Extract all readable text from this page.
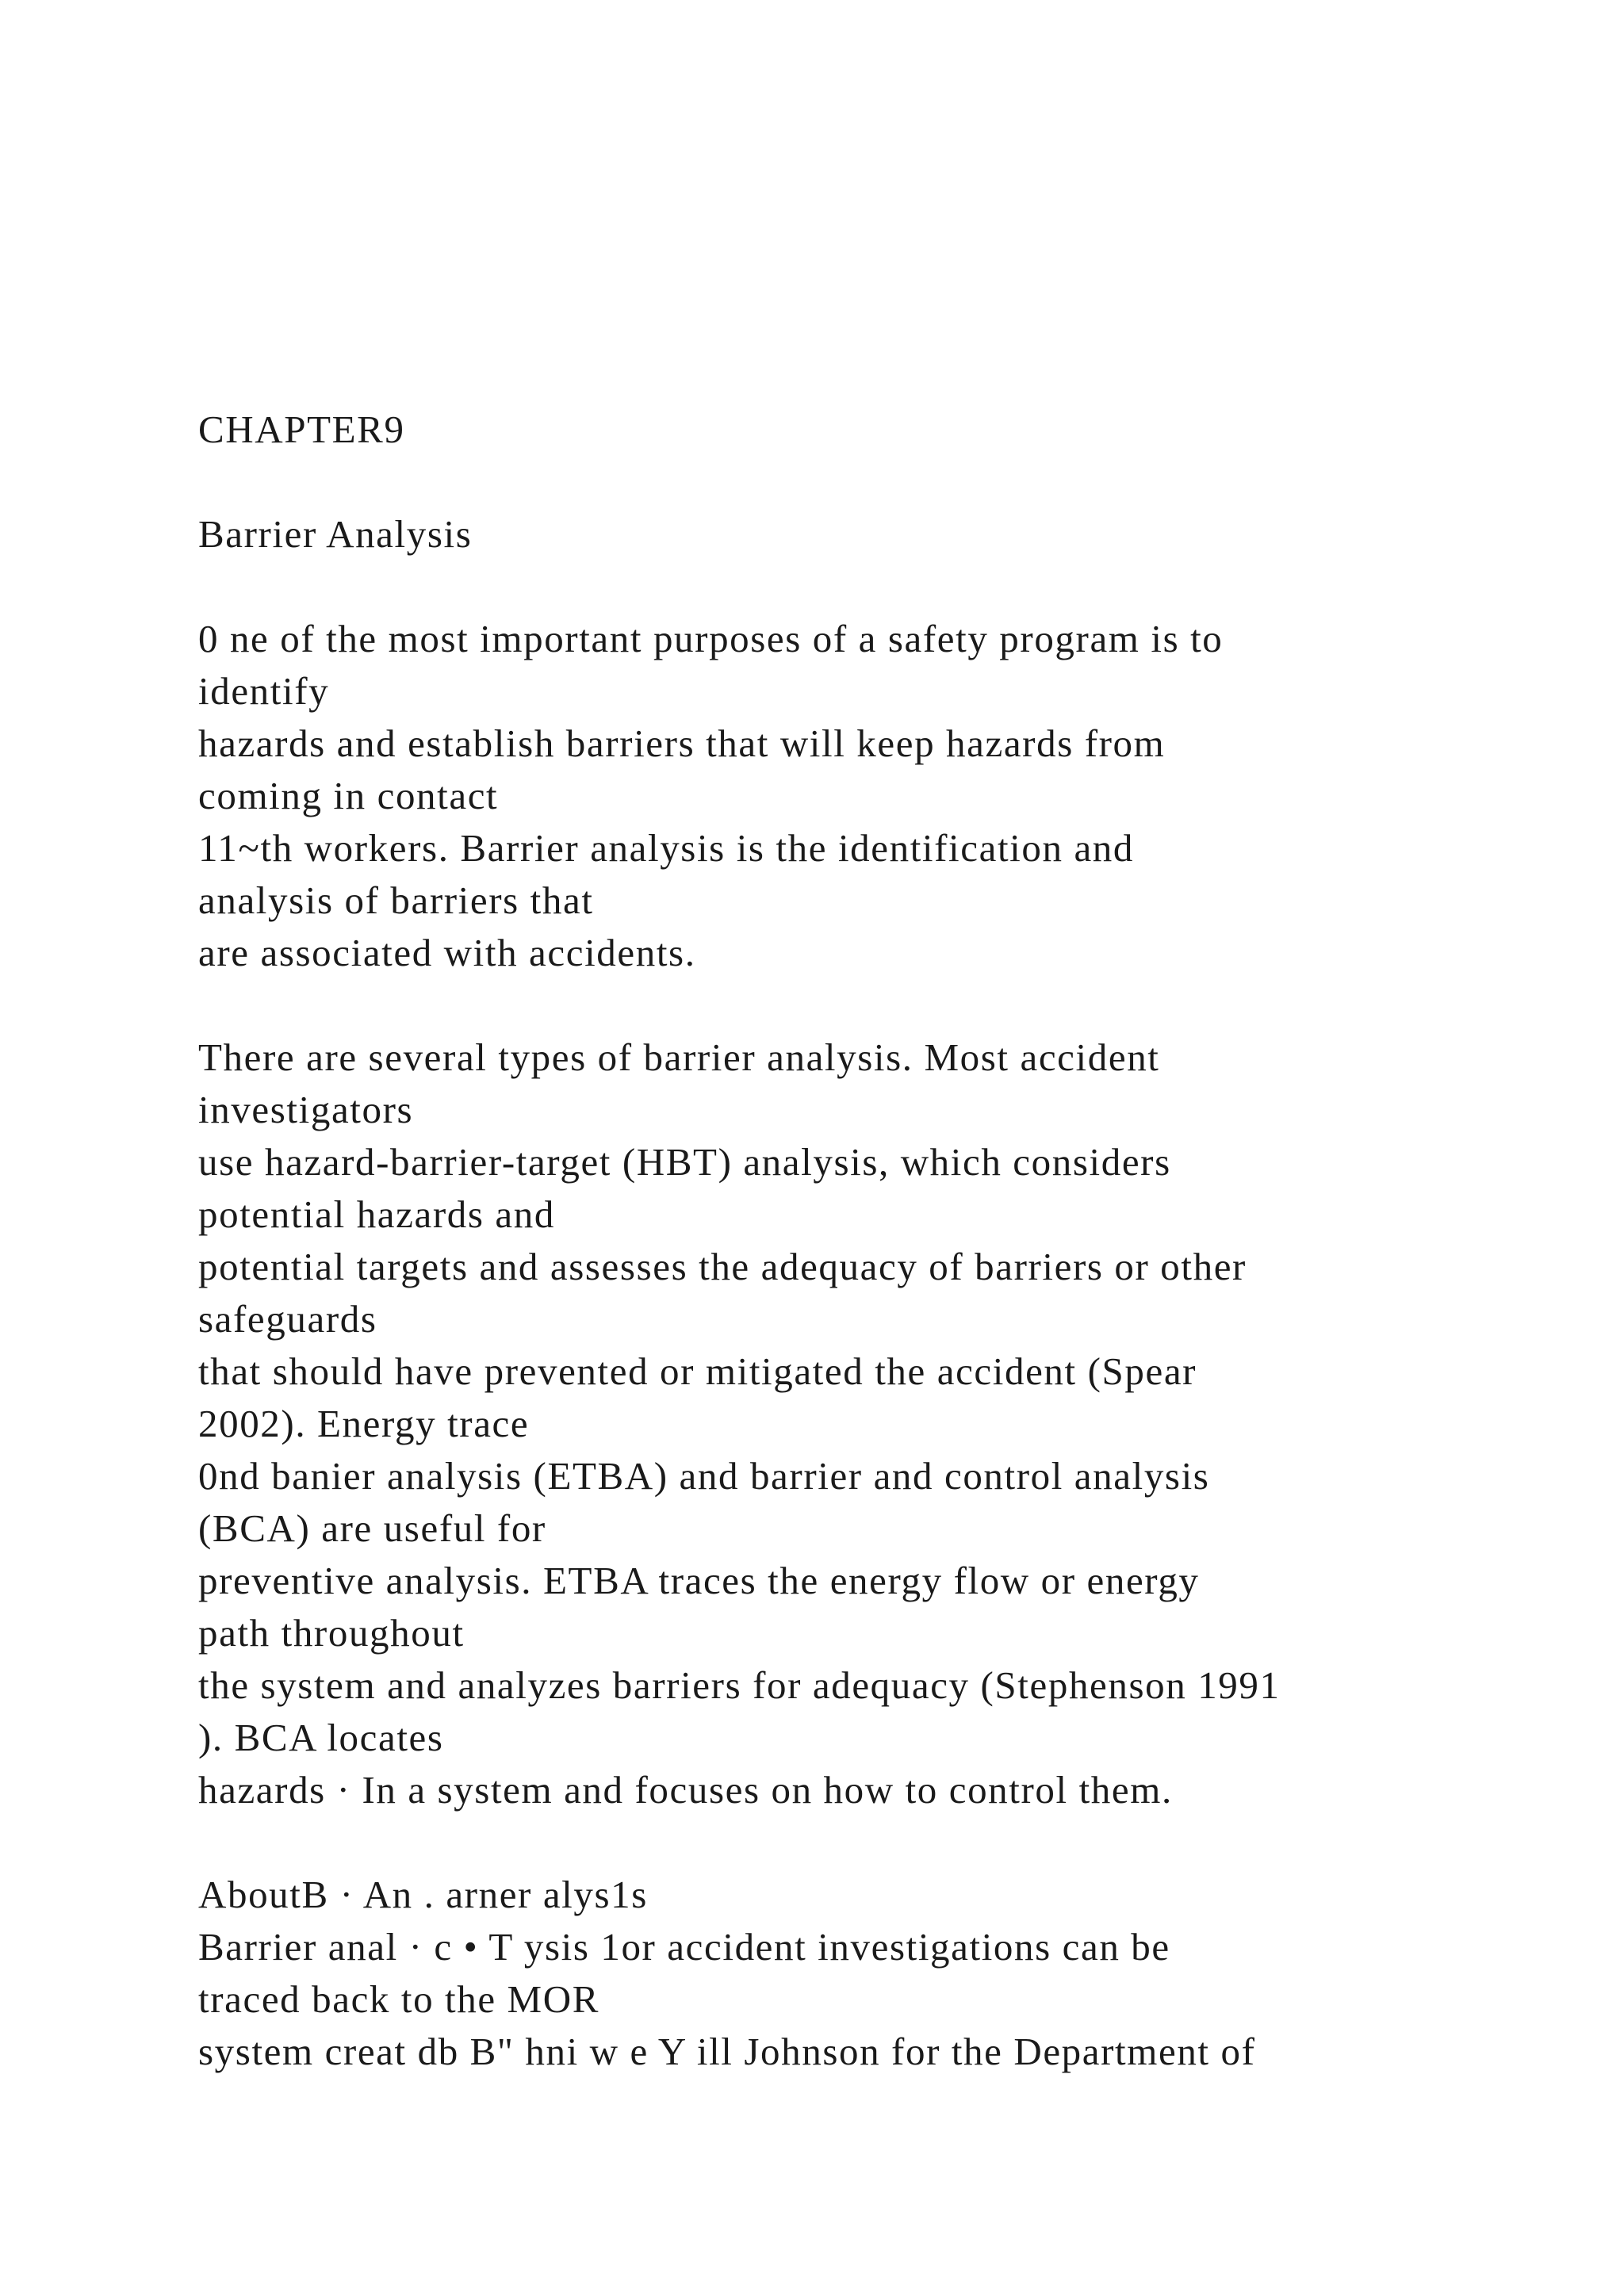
CHAPTER9
Barrier Analysis
0 ne of the most important purposes of a safety program is to
identify
hazards and establish barriers that will keep hazards from
coming in contact
11~th workers. Barrier analysis is the identification and
analysis of barriers that
are associated with accidents.
There are several types of barrier analysis. Most accident
investigators
use hazard-barrier-target (HBT) analysis, which considers
potential hazards and
potential targets and assesses the adequacy of barriers or other
safeguards
that should have prevented or mitigated the accident (Spear
2002). Energy trace
0nd banier analysis (ETBA) and barrier and control analysis
(BCA) are useful for
preventive analysis. ETBA traces the energy flow or energy
path throughout
the system and analyzes barriers for adequacy (Stephenson 1991
). BCA locates
hazards · In a system and focuses on how to control them.
AboutB · An . arner alys1s
Barrier anal · c • T ysis 1or accident investigations can be
traced back to the MOR
system creat db B" hni w e Y ill Johnson for the Department of
